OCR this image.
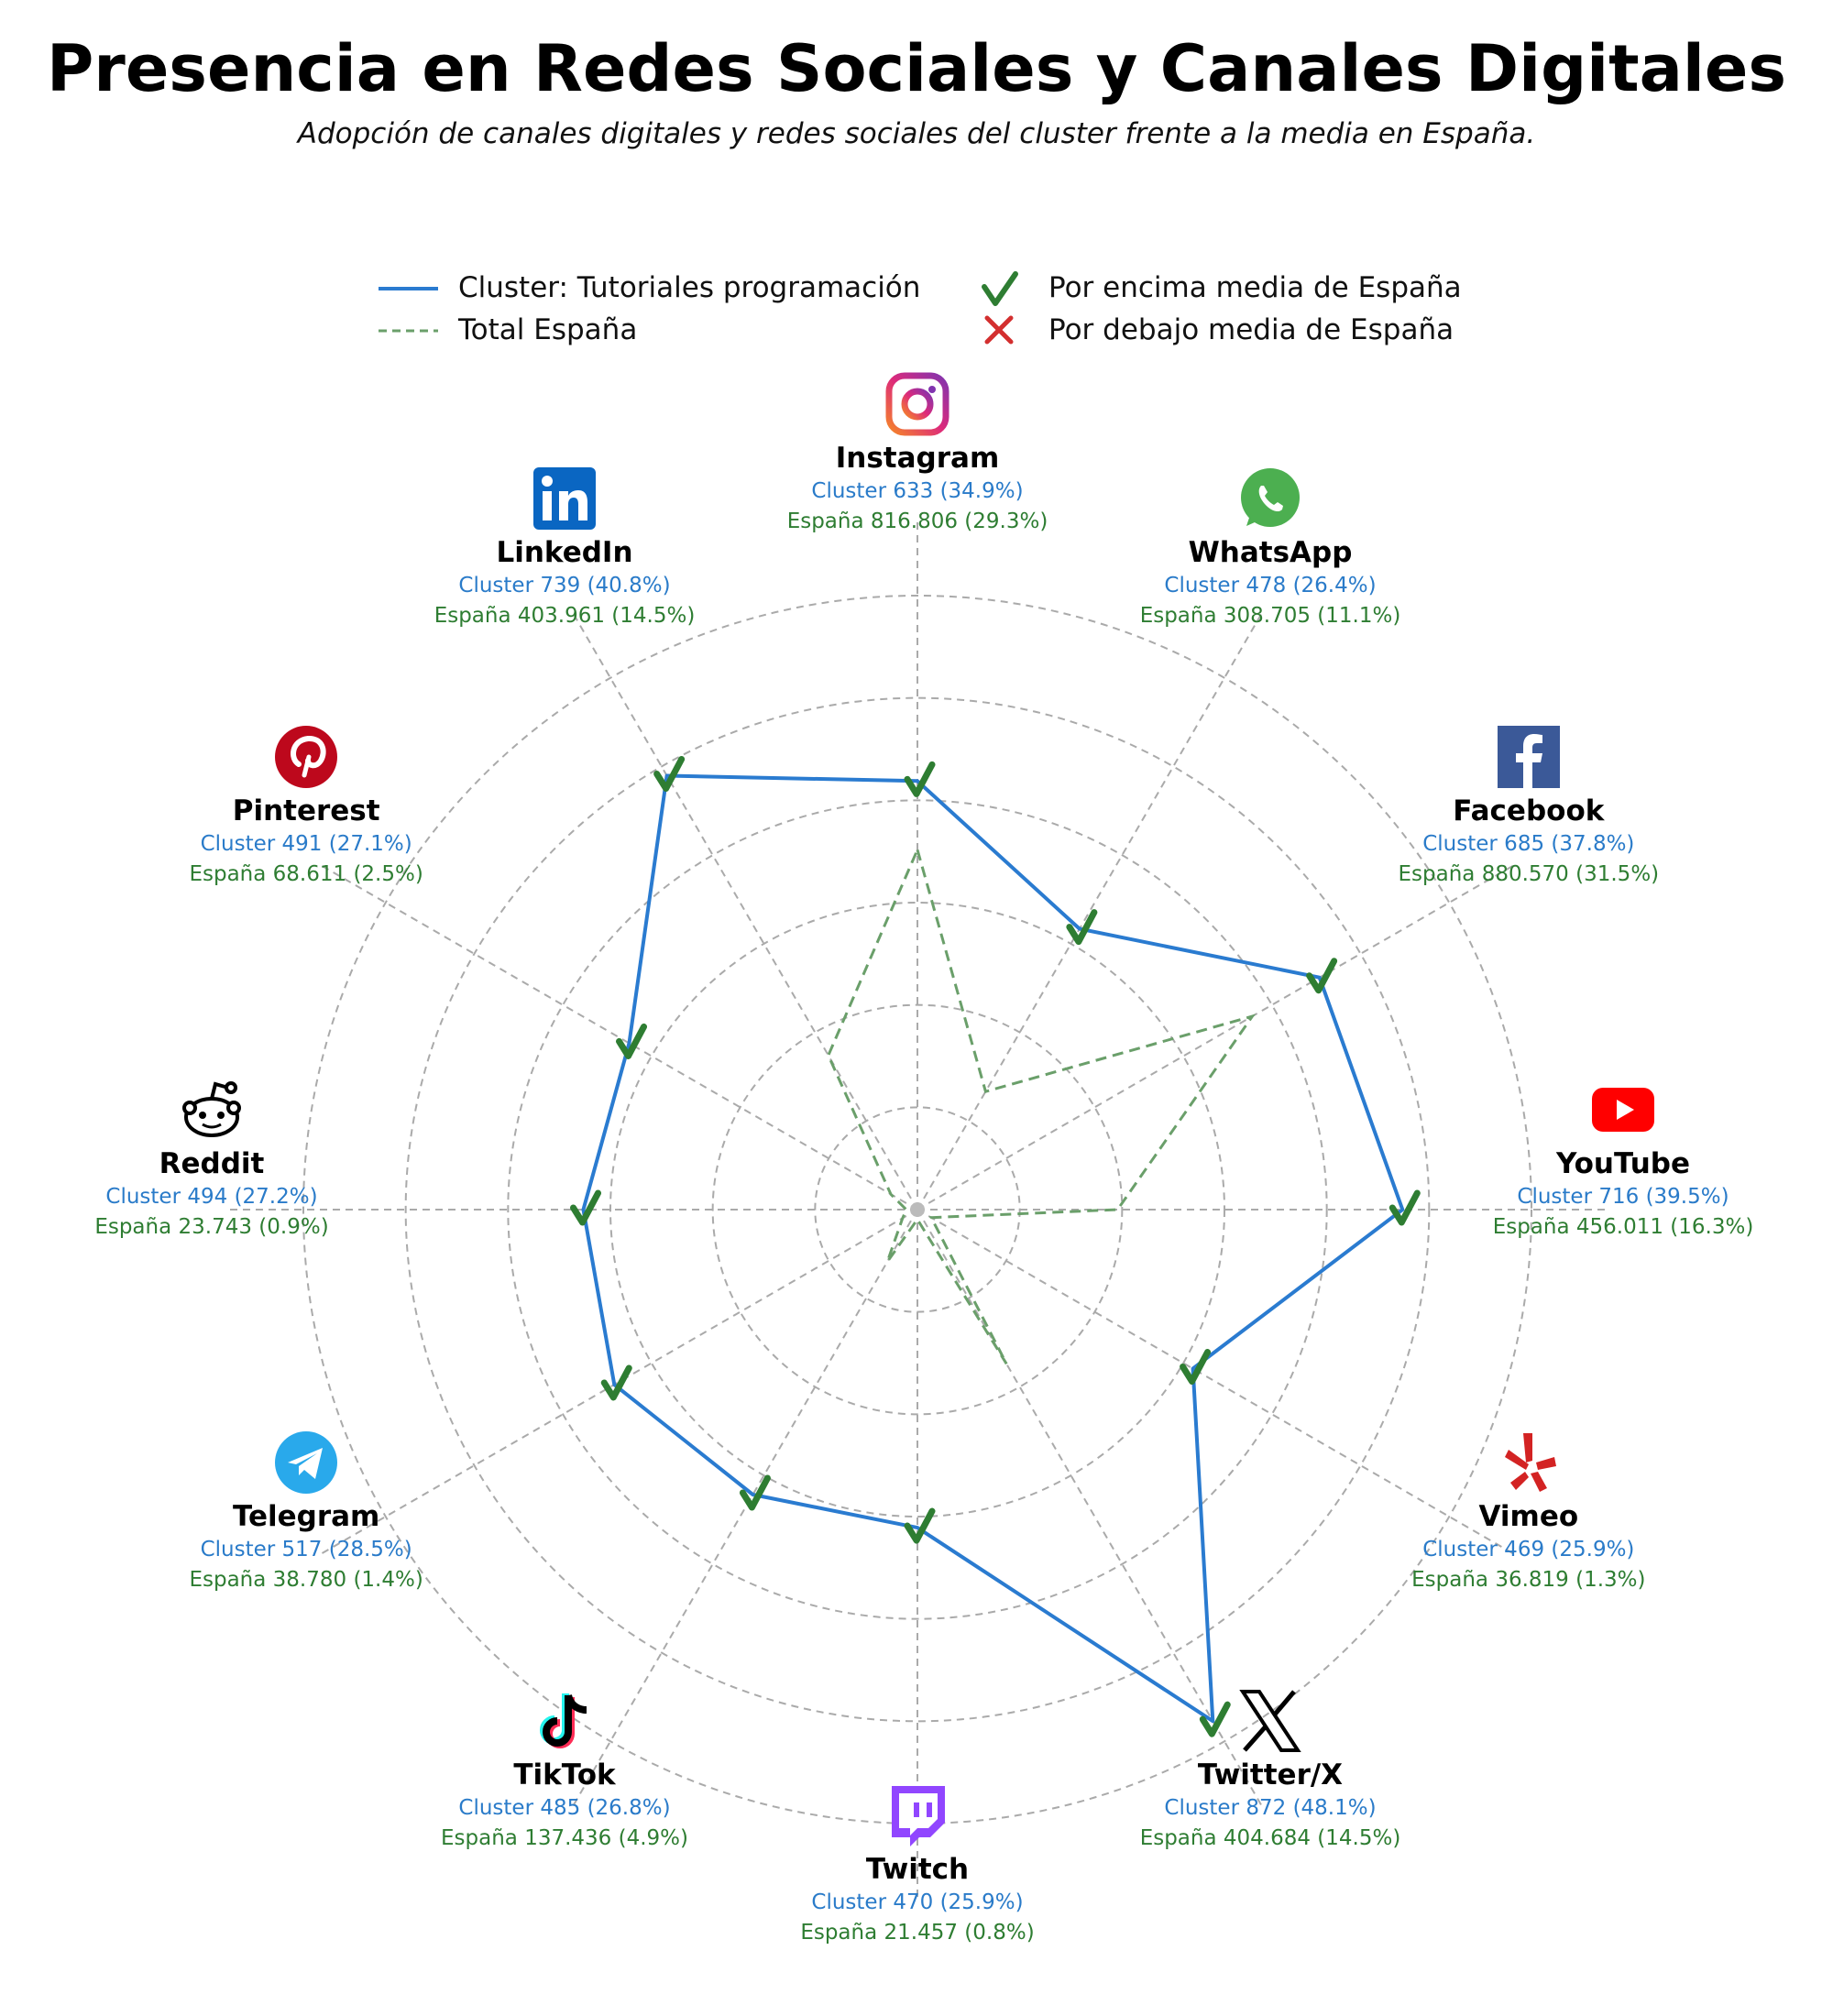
Presencia en Redes Sociales y Canales Digitales
Adopción de canales digitales y redes sociales del cluster frente a la media en España.
Cluster: Tutoriales programación
Total España
Por encima media de España
Por debajo media de España
Instagram
Cluster 633 (34.9%)
España 816.806 (29.3%)
WhatsApp
Cluster 478 (26.4%)
España 308.705 (11.1%)
Facebook
Cluster 685 (37.8%)
España 880.570 (31.5%)
YouTube
Cluster 716 (39.5%)
España 456.011 (16.3%)
Vimeo
Cluster 469 (25.9%)
España 36.819 (1.3%)
Twitter/X
Cluster 872 (48.1%)
España 404.684 (14.5%)
Twitch
Cluster 470 (25.9%)
España 21.457 (0.8%)
TikTok
Cluster 485 (26.8%)
España 137.436 (4.9%)
Telegram
Cluster 517 (28.5%)
España 38.780 (1.4%)
Reddit
Cluster 494 (27.2%)
España 23.743 (0.9%)
Pinterest
Cluster 491 (27.1%)
España 68.611 (2.5%)
LinkedIn
Cluster 739 (40.8%)
España 403.961 (14.5%)
